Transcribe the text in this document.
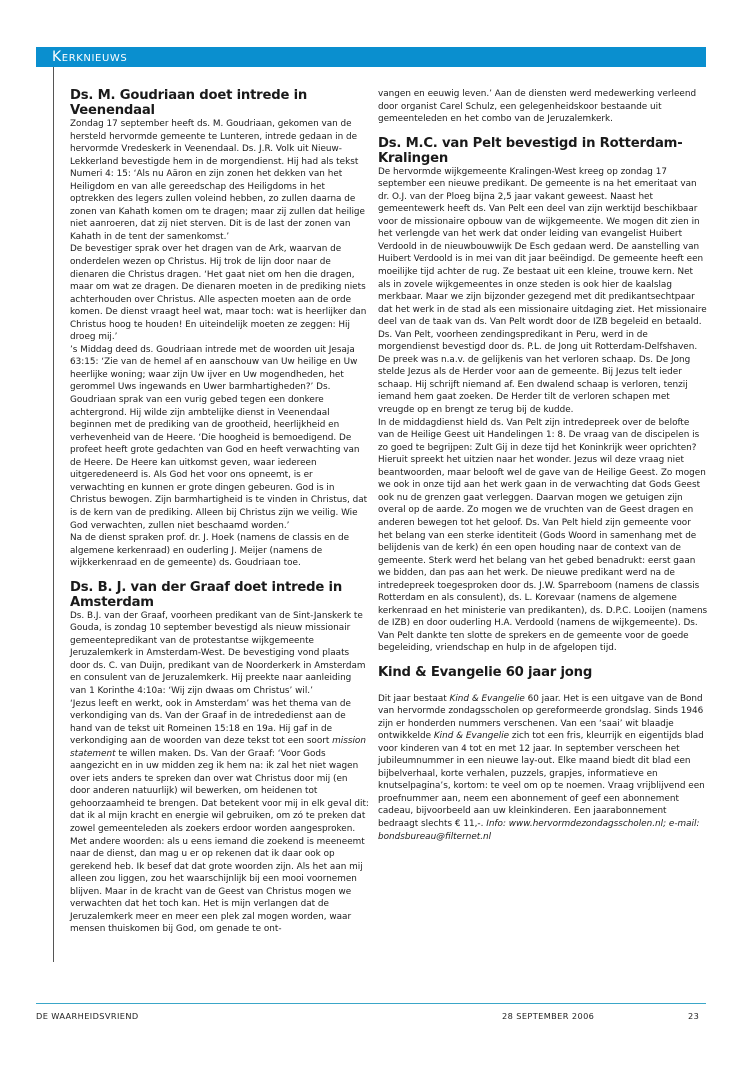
Kerknieuws
Ds. M. Goudriaan doet intrede in Veenendaal

Zondag 17 september heeft ds. M. Goudriaan, gekomen van de hersteld hervormde gemeente te Lunteren, intrede gedaan in de hervormde Vredeskerk in Veenendaal. Ds. J.R. Volk uit Nieuw-Lekkerland bevestigde hem in de morgendienst. Hij had als tekst Numeri 4: 15: ‘Als nu Aäron en zijn zonen het dekken van het Heiligdom en van alle gereedschap des Heiligdoms in het optrekken des legers zullen voleind hebben, zo zullen daarna de zonen van Kahath komen om te dragen; maar zij zullen dat heilige niet aanroeren, dat zij niet sterven. Dit is de last der zonen van Kahath in de tent der samenkomst.’

De bevestiger sprak over het dragen van de Ark, waarvan de onderdelen wezen op Christus. Hij trok de lijn door naar de dienaren die Christus dragen. ‘Het gaat niet om hen die dragen, maar om wat ze dragen. De dienaren moeten in de prediking niets achterhouden over Christus. Alle aspecten moeten aan de orde komen. De dienst vraagt heel wat, maar toch: wat is heerlijker dan Christus hoog te houden! En uiteindelijk moeten ze zeggen: Hij droeg mij.’

’s Middag deed ds. Goudriaan intrede met de woorden uit Jesaja 63:15: ‘Zie van de hemel af en aanschouw van Uw heilige en Uw heerlijke woning; waar zijn Uw ijver en Uw mogendheden, het gerommel Uws ingewands en Uwer barmhartigheden?’ Ds. Goudriaan sprak van een vurig gebed tegen een donkere achtergrond. Hij wilde zijn ambtelijke dienst in Veenendaal beginnen met de prediking van de grootheid, heerlijkheid en verhevenheid van de Heere. ‘Die hoogheid is bemoedigend. De profeet heeft grote gedachten van God en heeft verwachting van de Heere. De Heere kan uitkomst geven, waar iedereen uitgeredeneerd is. Als God het voor ons opneemt, is er verwachting en kunnen er grote dingen gebeuren. God is in Christus bewogen. Zijn barmhartigheid is te vinden in Christus, dat is de kern van de prediking. Alleen bij Christus zijn we veilig. Wie God verwachten, zullen niet beschaamd worden.’

Na de dienst spraken prof. dr. J. Hoek (namens de classis en de algemene kerkenraad) en ouderling J. Meijer (namens de wijkkerkenraad en de gemeente) ds. Goudriaan toe.

Ds. B. J. van der Graaf doet intrede in Amsterdam

Ds. B.J. van der Graaf, voorheen predikant van de Sint-Janskerk te Gouda, is zondag 10 september bevestigd als nieuw missionair gemeentepredikant van de protestantse wijkgemeente Jeruzalemkerk in Amsterdam-West. De bevestiging vond plaats door ds. C. van Duijn, predikant van de Noorderkerk in Amsterdam en consulent van de Jeruzalemkerk. Hij preekte naar aanleiding van 1 Korinthe 4:10a: ‘Wij zijn dwaas om Christus’ wil.’

‘Jezus leeft en werkt, ook in Amsterdam’ was het thema van de verkondiging van ds. Van der Graaf in de intrededienst aan de hand van de tekst uit Romeinen 15:18 en 19a. Hij gaf in de verkondiging aan de woorden van deze tekst tot een soort mission statement te willen maken. Ds. Van der Graaf: ‘Voor Gods aangezicht en in uw midden zeg ik hem na: ik zal het niet wagen over iets anders te spreken dan over wat Christus door mij (en door anderen natuurlijk) wil bewerken, om heidenen tot gehoorzaamheid te brengen. Dat betekent voor mij in elk geval dit: dat ik al mijn kracht en energie wil gebruiken, om zó te preken dat zowel gemeenteleden als zoekers erdoor worden aangesproken. Met andere woorden: als u eens iemand die zoekend is meeneemt naar de dienst, dan mag u er op rekenen dat ik daar ook op gerekend heb. Ik besef dat dat grote woorden zijn. Als het aan mij alleen zou liggen, zou het waarschijnlijk bij een mooi voornemen blijven. Maar in de kracht van de Geest van Christus mogen we verwachten dat het toch kan. Het is mijn verlangen dat de Jeruzalemkerk meer en meer een plek zal mogen worden, waar mensen thuiskomen bij God, om genade te ont-

vangen en eeuwig leven.’ Aan de diensten werd medewerking verleend door organist Carel Schulz, een gelegenheidskoor bestaande uit gemeenteleden en het combo van de Jeruzalemkerk.

Ds. M.C. van Pelt bevestigd in Rotterdam-Kralingen

De hervormde wijkgemeente Kralingen-West kreeg op zondag 17 september een nieuwe predikant. De gemeente is na het emeritaat van dr. O.J. van der Ploeg bijna 2,5 jaar vakant geweest. Naast het gemeentewerk heeft ds. Van Pelt een deel van zijn werktijd beschikbaar voor de missionaire opbouw van de wijkgemeente. We mogen dit zien in het verlengde van het werk dat onder leiding van evangelist Huibert Verdoold in de nieuwbouwwijk De Esch gedaan werd. De aanstelling van Huibert Verdoold is in mei van dit jaar beëindigd. De gemeente heeft een moeilijke tijd achter de rug. Ze bestaat uit een kleine, trouwe kern. Net als in zovele wijkgemeentes in onze steden is ook hier de kaalslag merkbaar. Maar we zijn bijzonder gezegend met dit predikantsechtpaar dat het werk in de stad als een missionaire uitdaging ziet. Het missionaire deel van de taak van ds. Van Pelt wordt door de IZB begeleid en betaald.

Ds. Van Pelt, voorheen zendingspredikant in Peru, werd in de morgendienst bevestigd door ds. P.L. de Jong uit Rotterdam-Delfshaven. De preek was n.a.v. de gelijkenis van het verloren schaap. Ds. De Jong stelde Jezus als de Herder voor aan de gemeente. Bij Jezus telt ieder schaap. Hij schrijft niemand af. Een dwalend schaap is verloren, tenzij iemand hem gaat zoeken. De Herder tilt de verloren schapen met vreugde op en brengt ze terug bij de kudde.

In de middagdienst hield ds. Van Pelt zijn intredepreek over de belofte van de Heilige Geest uit Handelingen 1: 8. De vraag van de discipelen is zo goed te begrijpen: Zult Gij in deze tijd het Koninkrijk weer oprichten? Hieruit spreekt het uitzien naar het wonder. Jezus wil deze vraag niet beantwoorden, maar belooft wel de gave van de Heilige Geest. Zo mogen we ook in onze tijd aan het werk gaan in de verwachting dat Gods Geest ook nu de grenzen gaat verleggen. Daarvan mogen we getuigen zijn overal op de aarde. Zo mogen we de vruchten van de Geest dragen en anderen bewegen tot het geloof. Ds. Van Pelt hield zijn gemeente voor het belang van een sterke identiteit (Gods Woord in samenhang met de belijdenis van de kerk) én een open houding naar de context van de gemeente. Sterk werd het belang van het gebed benadrukt: eerst gaan we bidden, dan pas aan het werk. De nieuwe predikant werd na de intredepreek toegesproken door ds. J.W. Sparreboom (namens de classis Rotterdam en als consulent), ds. L. Korevaar (namens de algemene kerkenraad en het ministerie van predikanten), ds. D.P.C. Looijen (namens de IZB) en door ouderling H.A. Verdoold (namens de wijkgemeente). Ds. Van Pelt dankte ten slotte de sprekers en de gemeente voor de goede begeleiding, vriendschap en hulp in de afgelopen tijd.

Kind & Evangelie 60 jaar jong

Dit jaar bestaat Kind & Evangelie 60 jaar. Het is een uitgave van de Bond van hervormde zondagsscholen op gereformeerde grondslag. Sinds 1946 zijn er honderden nummers verschenen. Van een ‘saai’ wit blaadje ontwikkelde Kind & Evangelie zich tot een fris, kleurrijk en eigentijds blad voor kinderen van 4 tot en met 12 jaar. In september verscheen het jubileumnummer in een nieuwe lay-out. Elke maand biedt dit blad een bijbelverhaal, korte verhalen, puzzels, grapjes, informatieve en knutselpagina’s, kortom: te veel om op te noemen. Vraag vrijblijvend een proefnummer aan, neem een abonnement of geef een abonnement cadeau, bijvoorbeeld aan uw kleinkinderen. Een jaarabonnement bedraagt slechts € 11,-. Info: www.hervormdezondagsscholen.nl; e-mail: bondsbureau@filternet.nl

DE WAARHEIDSVRIEND	28 SEPTEMBER 2006	23
